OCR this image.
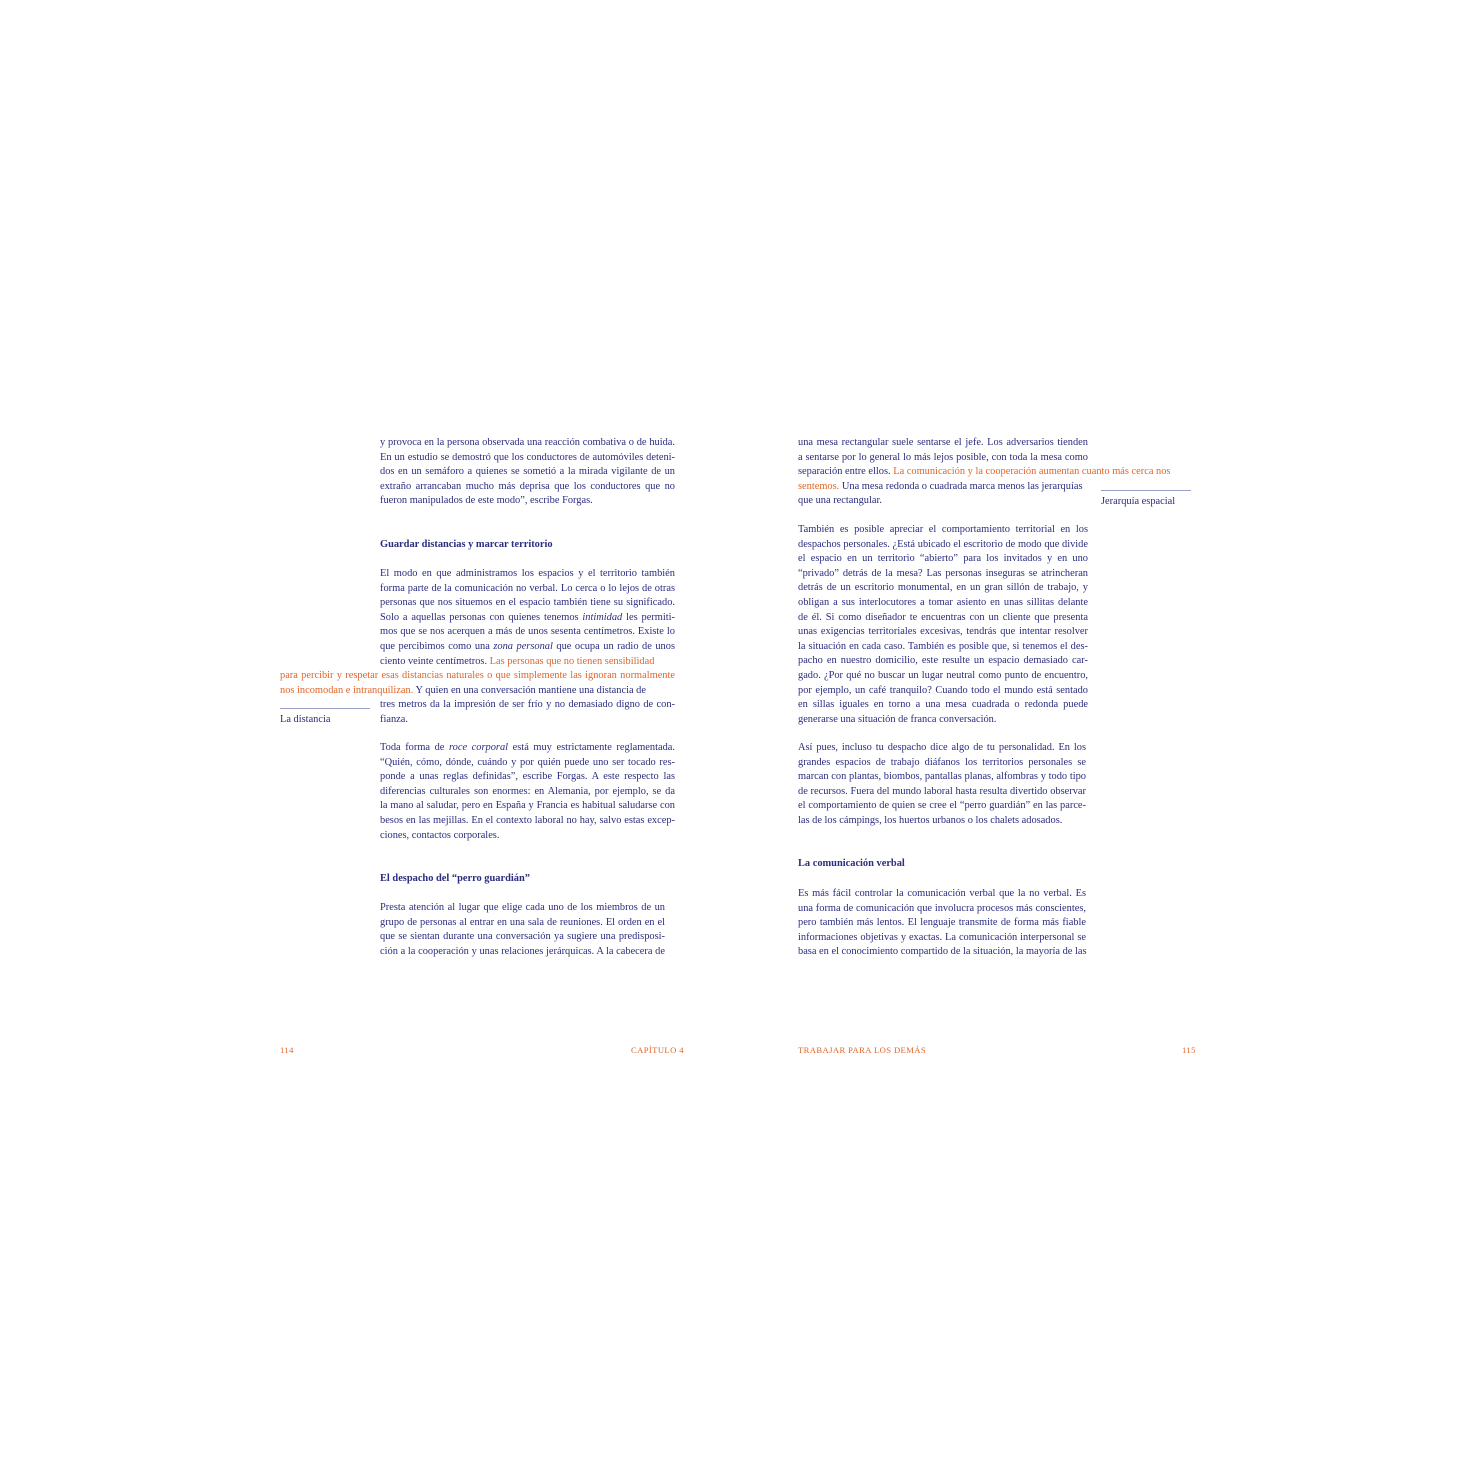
y provoca en la persona observada una reacción combativa o de huida.
En un estudio se demostró que los conductores de automóviles deteni-
dos en un semáforo a quienes se sometió a la mirada vigilante de un
extraño arrancaban mucho más deprisa que los conductores que no
fueron manipulados de este modo”, escribe Forgas.
Guardar distancias y marcar territorio
El modo en que administramos los espacios y el territorio también
forma parte de la comunicación no verbal. Lo cerca o lo lejos de otras
personas que nos situemos en el espacio también tiene su significado.
Solo a aquellas personas con quienes tenemos intimidad les permiti-
mos que se nos acerquen a más de unos sesenta centímetros. Existe lo
que percibimos como una zona personal que ocupa un radio de unos
ciento veinte centímetros. Las personas que no tienen sensibilidad
para percibir y respetar esas distancias naturales o que simplemente las ignoran normalmente
nos incomodan e intranquilizan. Y quien en una conversación mantiene una distancia de
tres metros da la impresión de ser frío y no demasiado digno de con-
fianza.
La distancia
Toda forma de roce corporal está muy estrictamente reglamentada.
“Quién, cómo, dónde, cuándo y por quién puede uno ser tocado res-
ponde a unas reglas definidas”, escribe Forgas. A este respecto las
diferencias culturales son enormes: en Alemania, por ejemplo, se da
la mano al saludar, pero en España y Francia es habitual saludarse con
besos en las mejillas. En el contexto laboral no hay, salvo estas excep-
ciones, contactos corporales.
El despacho del “perro guardián”
Presta atención al lugar que elige cada uno de los miembros de un
grupo de personas al entrar en una sala de reuniones. El orden en el
que se sientan durante una conversación ya sugiere una predisposi-
ción a la cooperación y unas relaciones jerárquicas. A la cabecera de
114	CAPÍTULO 4
una mesa rectangular suele sentarse el jefe. Los adversarios tienden
a sentarse por lo general lo más lejos posible, con toda la mesa como
separación entre ellos. La comunicación y la cooperación aumentan cuanto más cerca nos
sentemos. Una mesa redonda o cuadrada marca menos las jerarquías
que una rectangular.	Jerarquía espacial
También es posible apreciar el comportamiento territorial en los
despachos personales. ¿Está ubicado el escritorio de modo que divide
el espacio en un territorio “abierto” para los invitados y en uno
“privado” detrás de la mesa? Las personas inseguras se atrincheran
detrás de un escritorio monumental, en un gran sillón de trabajo, y
obligan a sus interlocutores a tomar asiento en unas sillitas delante
de él. Si como diseñador te encuentras con un cliente que presenta
unas exigencias territoriales excesivas, tendrás que intentar resolver
la situación en cada caso. También es posible que, si tenemos el des-
pacho en nuestro domicilio, este resulte un espacio demasiado car-
gado. ¿Por qué no buscar un lugar neutral como punto de encuentro,
por ejemplo, un café tranquilo? Cuando todo el mundo está sentado
en sillas iguales en torno a una mesa cuadrada o redonda puede
generarse una situación de franca conversación.
Así pues, incluso tu despacho dice algo de tu personalidad. En los
grandes espacios de trabajo diáfanos los territorios personales se
marcan con plantas, biombos, pantallas planas, alfombras y todo tipo
de recursos. Fuera del mundo laboral hasta resulta divertido observar
el comportamiento de quien se cree el “perro guardián” en las parce-
las de los cámpings, los huertos urbanos o los chalets adosados.
La comunicación verbal
Es más fácil controlar la comunicación verbal que la no verbal. Es
una forma de comunicación que involucra procesos más conscientes,
pero también más lentos. El lenguaje transmite de forma más fiable
informaciones objetivas y exactas. La comunicación interpersonal se
basa en el conocimiento compartido de la situación, la mayoría de las
TRABAJAR PARA LOS DEMÁS	115
